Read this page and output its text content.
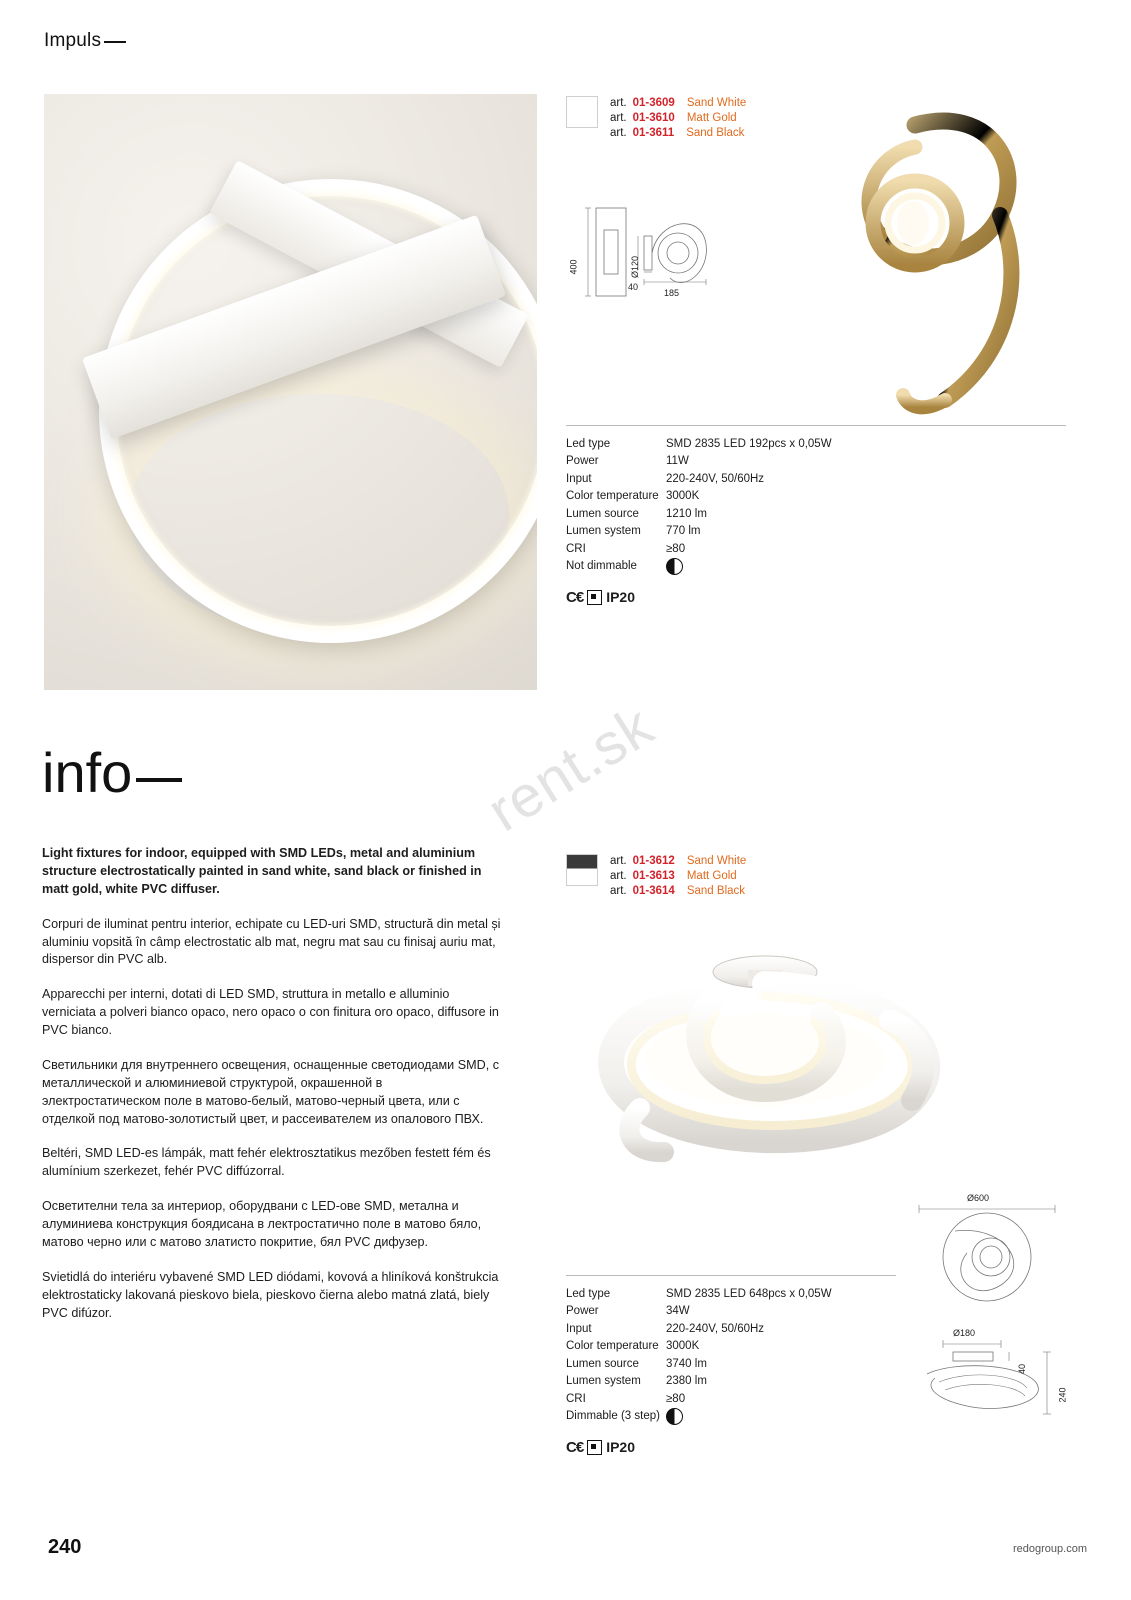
Impuls
rent.sk
art. 01-3609 Sand White
art. 01-3610 Matt Gold
art. 01-3611 Sand Black
400	Ø120
40
185
Led type	SMD 2835 LED 192pcs x 0,05W
Power	11W
Input	220-240V, 50/60Hz
Color temperature 3000K
Lumen source	1210 lm
Lumen system	770 lm
CRI	≥80
Not dimmable
C€ IP20
info

Light fixtures for indoor, equipped with SMD LEDs, metal and aluminium structure electrostatically painted in sand white, sand black or finished in matt gold, white PVC diffuser.

Corpuri de iluminat pentru interior, echipate cu LED-uri SMD, structură din metal și aluminiu vopsită în câmp electrostatic alb mat, negru mat sau cu finisaj auriu mat, dispersor din PVC alb.

Apparecchi per interni, dotati di LED SMD, struttura in metallo e alluminio verniciata a polveri bianco opaco, nero opaco o con finitura oro opaco, diffusore in PVC bianco.

Светильники для внутреннего освещения, оснащенные светодиодами SMD, с металлической и алюминиевой структурой, окрашенной в электростатическом поле в матово-белый, матово-черный цвета, или с отделкой под матово-золотистый цвет, и рассеивателем из опалового ПВХ.

Beltéri, SMD LED-es lámpák, matt fehér elektrosztatikus mezőben festett fém és alumínium szerkezet, fehér PVC diffúzorral.

Осветителни тела за интериор, оборудвани с LED-ове SMD, метална и алуминиева конструкция боядисана в лектростатично поле в матово бяло, матово черно или с матово златисто покритие, бял PVC дифузер.

Svietidlá do interiéru vybavené SMD LED diódami, kovová a hliníková konštrukcia elektrostaticky lakovaná pieskovo biela, pieskovo čierna alebo matná zlatá, biely PVC difúzor.

art. 01-3612 Sand White
art. 01-3613 Matt Gold
art. 01-3614 Sand Black
Ø600
Ø180
40
240
Led type	SMD 2835 LED 648pcs x 0,05W
Power	34W
Input	220-240V, 50/60Hz
Color temperature 3000K
Lumen source	3740 lm
Lumen system	2380 lm
CRI	≥80
Dimmable (3 step)
C€ IP20
240	redogroup.com
